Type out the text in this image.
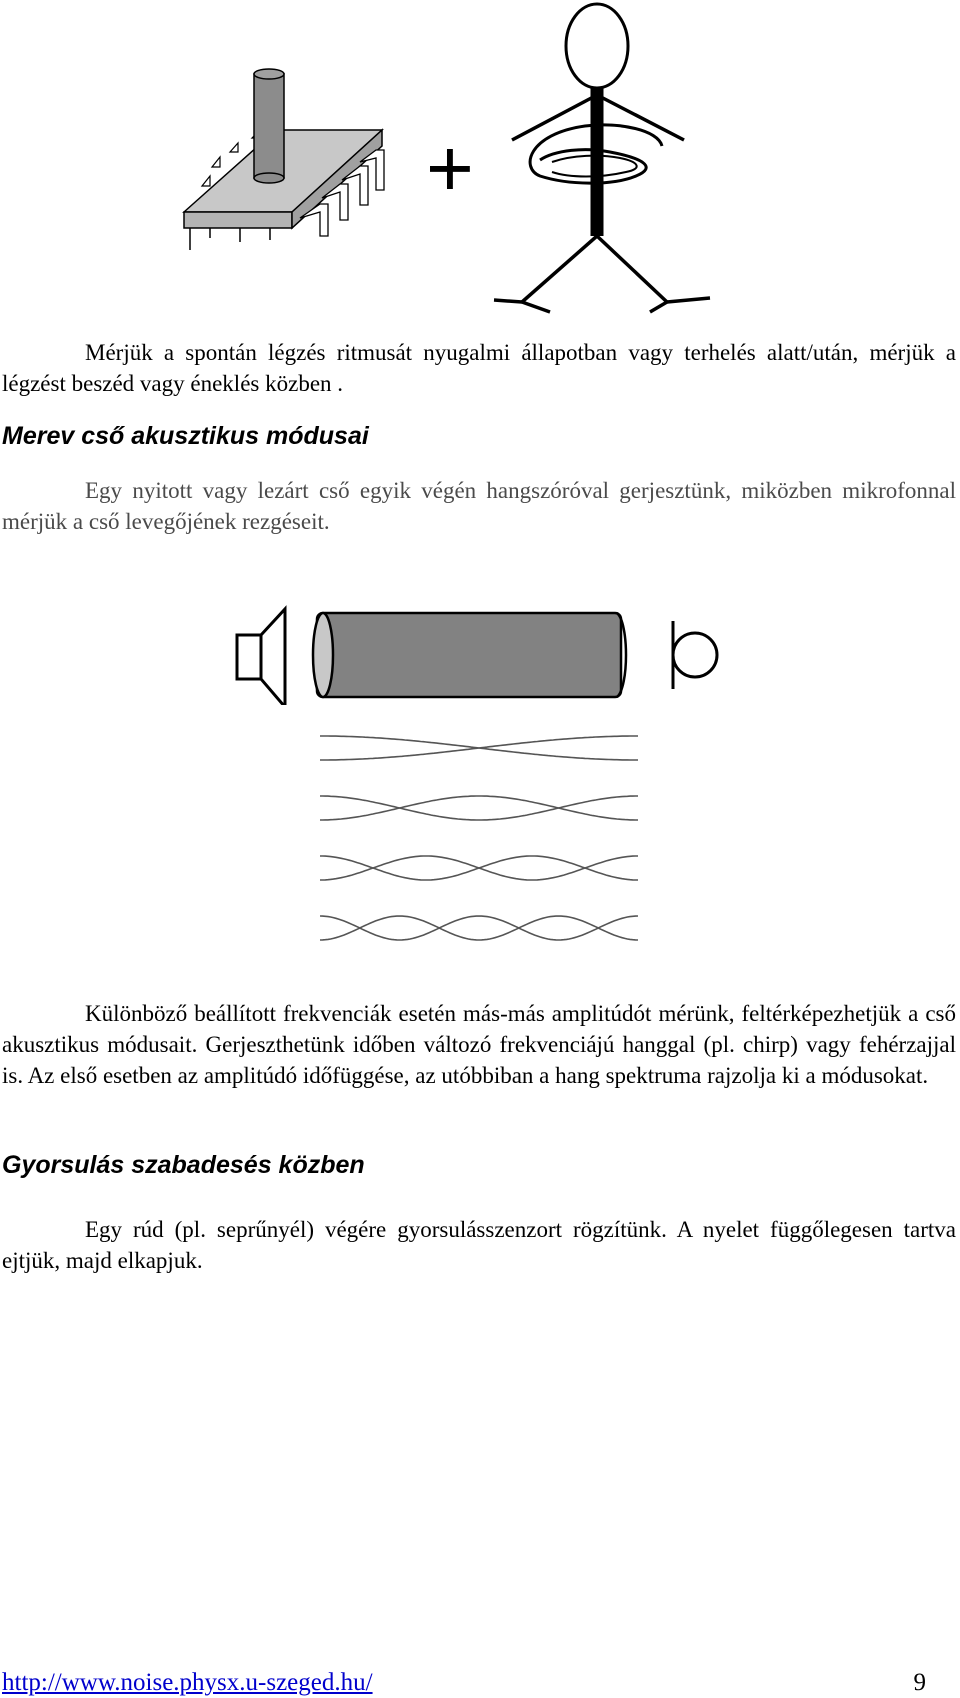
+

Mérjük a spontán légzés ritmusát nyugalmi állapotban vagy terhelés alatt/után, mérjük a légzést beszéd vagy éneklés közben .

Merev cső akusztikus módusai

Egy nyitott vagy lezárt cső egyik végén hangszóróval gerjesztünk, miközben mikrofonnal mérjük a cső levegőjének rezgéseit.

Különböző beállított frekvenciák esetén más-más amplitúdót mérünk, feltérképezhetjük a cső akusztikus módusait. Gerjeszthetünk időben változó frekvenciájú hanggal (pl. chirp) vagy fehérzajjal is. Az első esetben az amplitúdó időfüggése, az utóbbiban a hang spektruma rajzolja ki a módusokat.

Gyorsulás szabadesés közben

Egy rúd (pl. seprűnyél) végére gyorsulásszenzort rögzítünk. A nyelet függőlegesen tartva ejtjük, majd elkapjuk.

http://www.noise.physx.u-szeged.hu/	9
